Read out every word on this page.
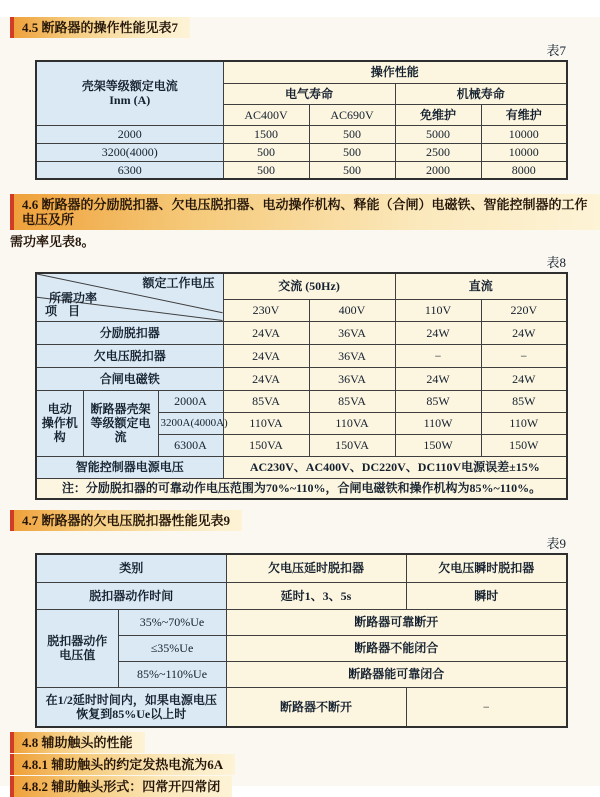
4.5 断路器的操作性能见表7
表7
壳架等级额定电流
Inm (A)	操作性能			
	电气寿命		机械寿命	
	AC400V	AC690V	免维护	有维护
2000	1500	500	5000	10000
3200(4000)	500	500	2500	10000
6300	500	500	2000	8000
4.6 断路器的分励脱扣器、欠电压脱扣器、电动操作机构、释能（合闸）电磁铁、智能控制器的工作电压及所
需功率见表8。
表8
额定工作电压
所需功率
项 目			交流 (50Hz)		直流	
			230V	400V	110V	220V
分励脱扣器			24VA	36VA	24W	24W
欠电压脱扣器			24VA	36VA	−	−
合闸电磁铁			24VA	36VA	24W	24W

电动
操作机构	断路器壳架
等级额定电流	2000A	85VA	85VA	85W	85W
		3200A(4000A)	110VA	110VA	110W	110W
		6300A	150VA	150VA	150W	150W
智能控制器电源电压			AC230V、AC400V、DC220V、DC110V电源误差±15%			
注：分励脱扣器的可靠动作电压范围为70%~110%，合闸电磁铁和操作机构为85%~110%。						
4.7 断路器的欠电压脱扣器性能见表9
表9
类别		欠电压延时脱扣器	欠电压瞬时脱扣器
脱扣器动作时间		延时1、3、5s	瞬时

脱扣器动作
电压值	35%~70%Ue	断路器可靠断开	
	≤35%Ue	断路器不能闭合	
	85%~110%Ue	断路器能可靠闭合	

在1/2延时时间内，如果电源电压
恢复到85%Ue以上时		断路器不断开	−
4.8 辅助触头的性能
4.8.1 辅助触头的约定发热电流为6A
4.8.2 辅助触头形式：四常开四常闭
